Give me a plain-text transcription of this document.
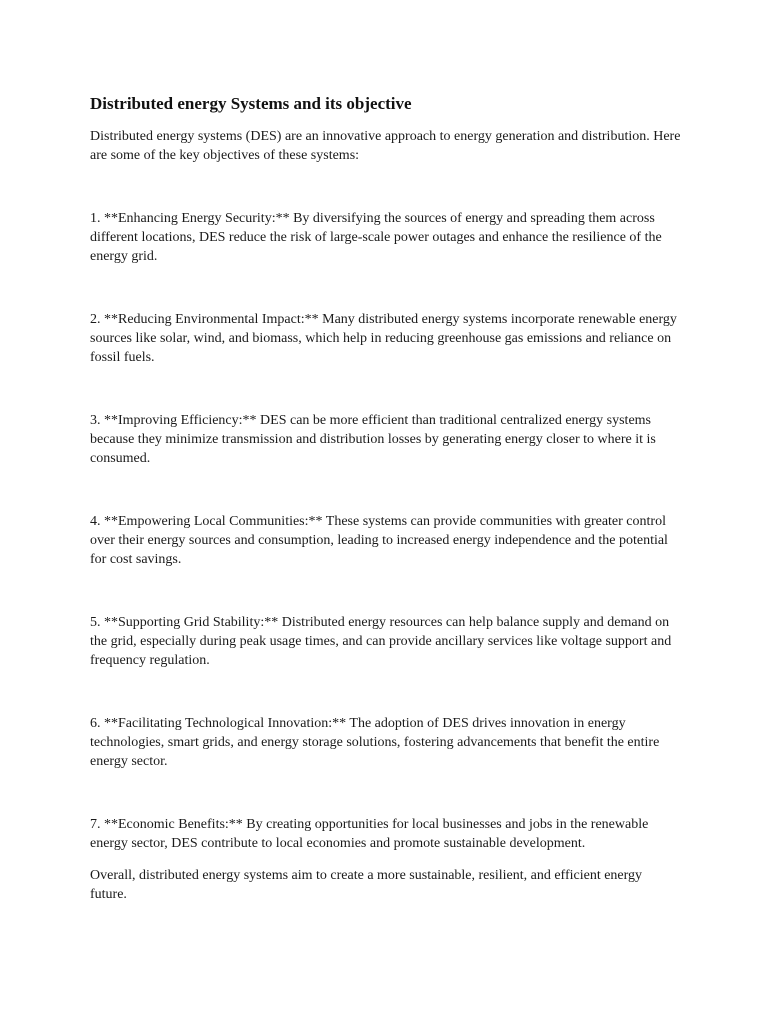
Distributed energy Systems and its objective

Distributed energy systems (DES) are an innovative approach to energy generation and distribution. Here are some of the key objectives of these systems:

1. **Enhancing Energy Security:** By diversifying the sources of energy and spreading them across different locations, DES reduce the risk of large-scale power outages and enhance the resilience of the energy grid.

2. **Reducing Environmental Impact:** Many distributed energy systems incorporate renewable energy sources like solar, wind, and biomass, which help in reducing greenhouse gas emissions and reliance on fossil fuels.

3. **Improving Efficiency:** DES can be more efficient than traditional centralized energy systems because they minimize transmission and distribution losses by generating energy closer to where it is consumed.

4. **Empowering Local Communities:** These systems can provide communities with greater control over their energy sources and consumption, leading to increased energy independence and the potential for cost savings.

5. **Supporting Grid Stability:** Distributed energy resources can help balance supply and demand on the grid, especially during peak usage times, and can provide ancillary services like voltage support and frequency regulation.

6. **Facilitating Technological Innovation:** The adoption of DES drives innovation in energy technologies, smart grids, and energy storage solutions, fostering advancements that benefit the entire energy sector.

7. **Economic Benefits:** By creating opportunities for local businesses and jobs in the renewable energy sector, DES contribute to local economies and promote sustainable development.

Overall, distributed energy systems aim to create a more sustainable, resilient, and efficient energy future.
